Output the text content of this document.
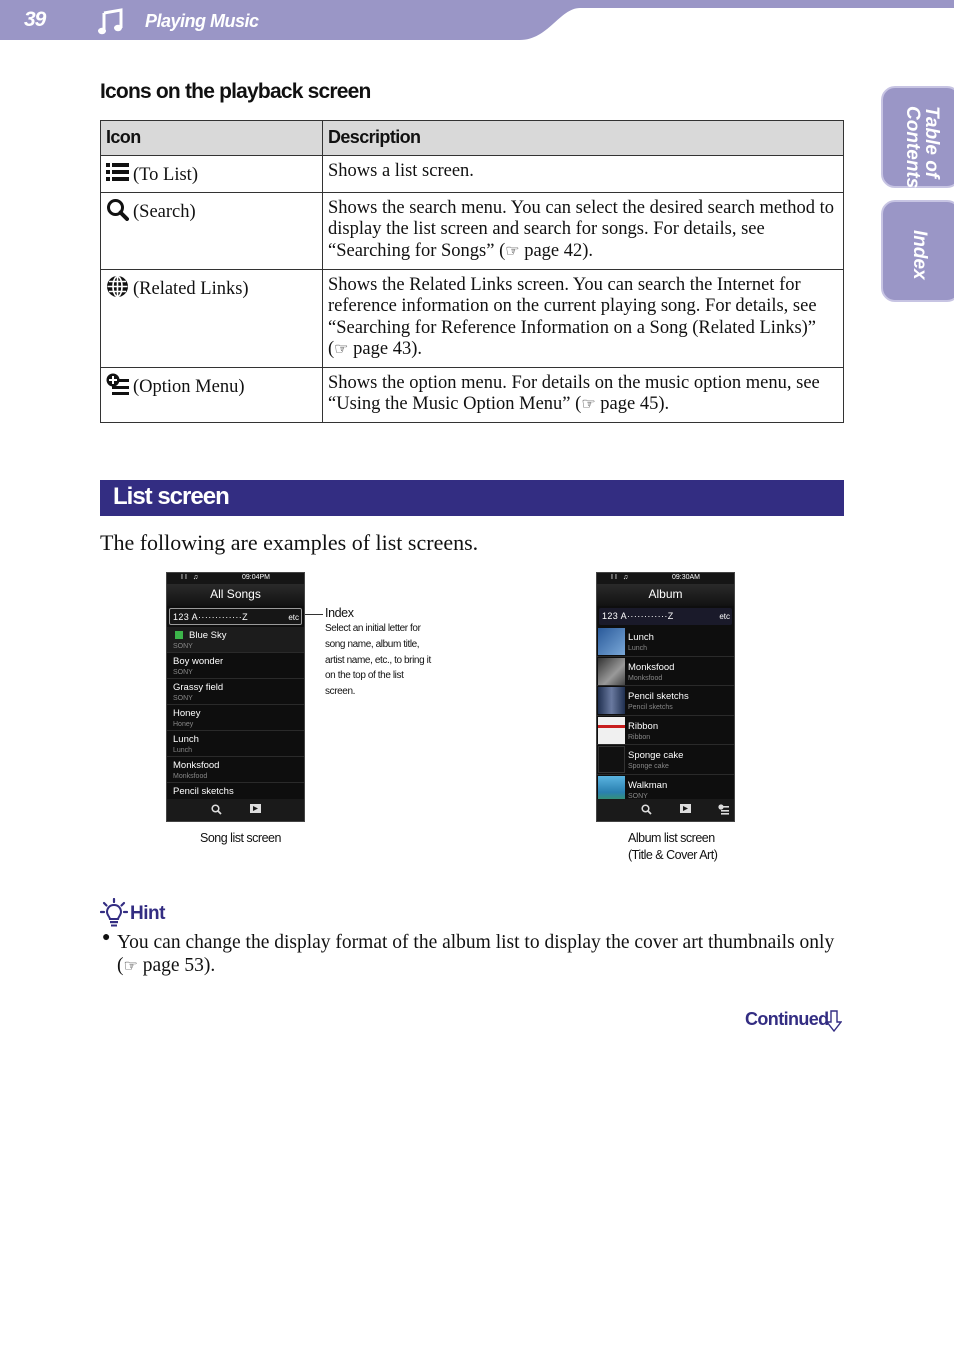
39	Playing Music
Table of
Contents
Index
Icons on the playback screen
Icon	Description
(To List)	Shows a list screen.
(Search)	Shows the search menu. You can select the desired search method to display the list screen and search for songs. For details, see “Searching for Songs” (☞ page 42).
(Related Links)	Shows the Related Links screen. You can search the Internet for reference information on the current playing song. For details, see “Searching for Reference Information on a Song (Related Links)” (☞ page 43).
(Option Menu)	Shows the option menu. For details on the music option menu, see “Using the Music Option Menu” (☞ page 45).
List screen
The following are examples of list screens.
II ♫	09:04PM
All Songs
123 A·············Z	etc
Blue Sky
SONY
Boy wonder
SONY
Grassy field
SONY
Honey
Honey
Lunch
Lunch
Monksfood
Monksfood
Pencil sketchs
Index
Select an initial letter for song name, album title, artist name, etc., to bring it on the top of the list screen.
Song list screen
II ♫	09:30AM
Album
123 A············Z	etc
Lunch
Lunch
Monksfood
Monksfood
Pencil sketchs
Pencil sketchs
Ribbon
Ribbon
Sponge cake
Sponge cake
Walkman
SONY
Album list screen
(Title & Cover Art)
Hint
● You can change the display format of the album list to display the cover art thumbnails only (☞ page 53).
Continued
